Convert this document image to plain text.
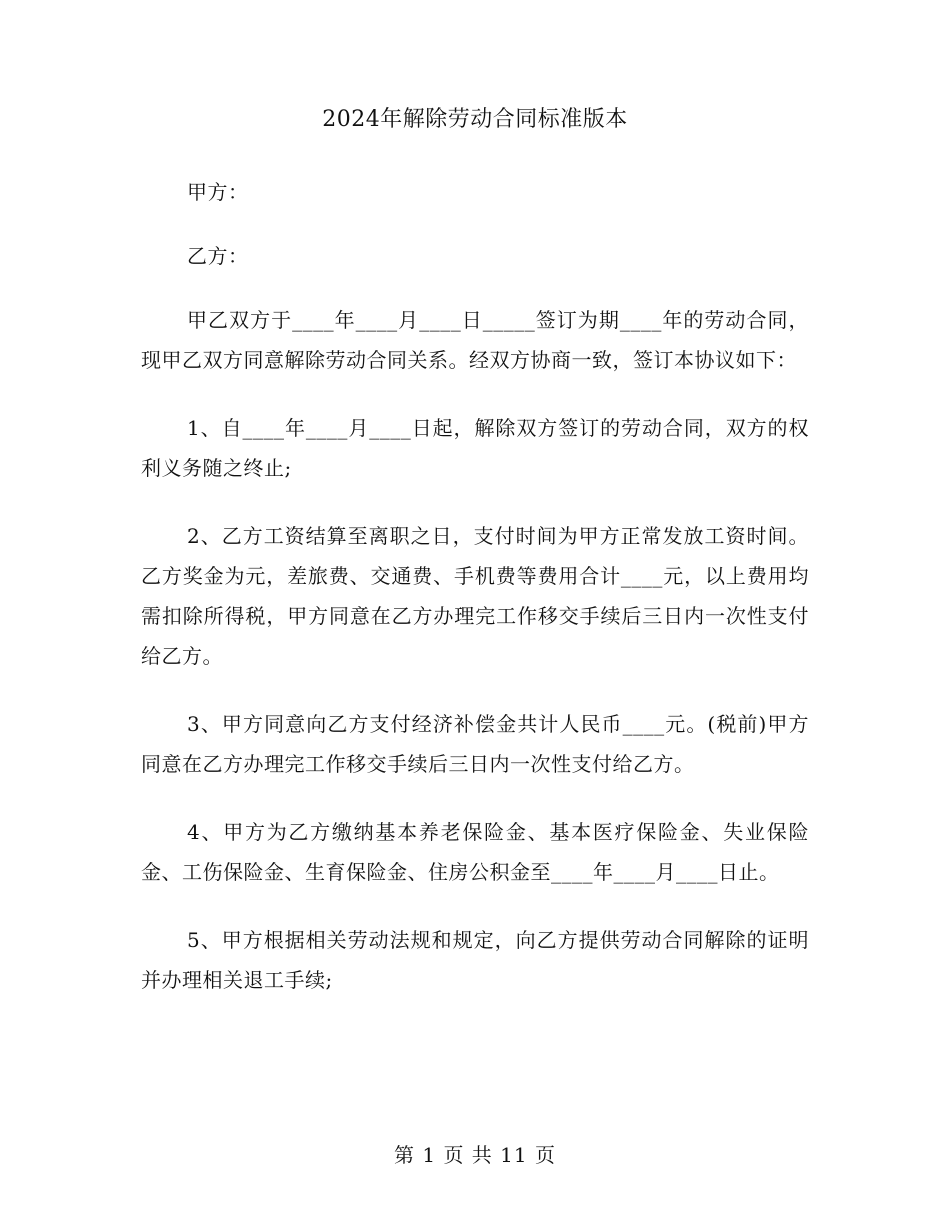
2024年解除劳动合同标准版本

甲方：

乙方：

甲乙双方于____年____月____日_____签订为期____年的劳动合同，现甲乙双方同意解除劳动合同关系。经双方协商一致，签订本协议如下：

1、自____年____月____日起，解除双方签订的劳动合同，双方的权利义务随之终止;

2、乙方工资结算至离职之日，支付时间为甲方正常发放工资时间。乙方奖金为元，差旅费、交通费、手机费等费用合计____元，以上费用均需扣除所得税，甲方同意在乙方办理完工作移交手续后三日内一次性支付给乙方。

3、甲方同意向乙方支付经济补偿金共计人民币____元。(税前)甲方同意在乙方办理完工作移交手续后三日内一次性支付给乙方。

4、甲方为乙方缴纳基本养老保险金、基本医疗保险金、失业保险金、工伤保险金、生育保险金、住房公积金至____年____月____日止。

5、甲方根据相关劳动法规和规定，向乙方提供劳动合同解除的证明并办理相关退工手续;

第 1 页 共 11 页
